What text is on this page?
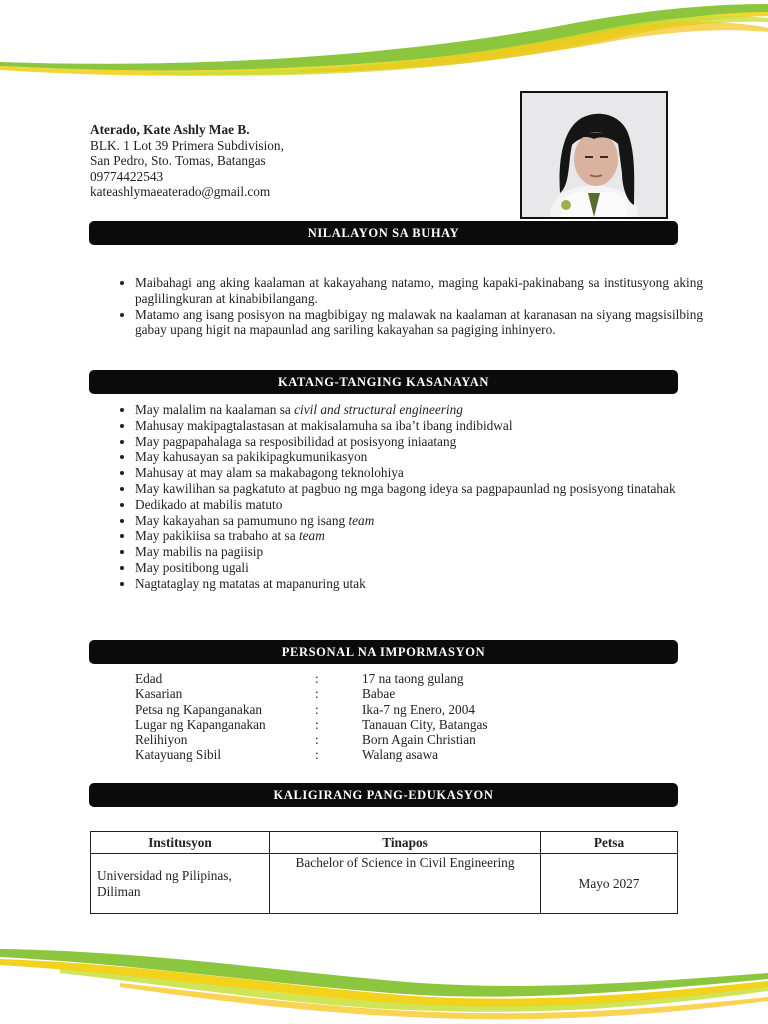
Aterado, Kate Ashly Mae B.
BLK. 1 Lot 39 Primera Subdivision,
San Pedro, Sto. Tomas, Batangas
09774422543
kateashlymaeaterado@gmail.com
NILALAYON SA BUHAY
• Maibahagi ang aking kaalaman at kakayahang natamo, maging kapaki-pakinabang sa institusyong aking paglilingkuran at kinabibilangang.
• Matamo ang isang posisyon na magbibigay ng malawak na kaalaman at karanasan na siyang magsisilbing gabay upang higit na mapaunlad ang sariling kakayahan sa pagiging inhinyero.
KATANG-TANGING KASANAYAN
• May malalim na kaalaman sa civil and structural engineering
• Mahusay makipagtalastasan at makisalamuha sa iba’t ibang indibidwal
• May pagpapahalaga sa resposibilidad at posisyong iniaatang
• May kahusayan sa pakikipagkumunikasyon
• Mahusay at may alam sa makabagong teknolohiya
• May kawilihan sa pagkatuto at pagbuo ng mga bagong ideya sa pagpapaunlad ng posisyong tinatahak
• Dedikado at mabilis matuto
• May kakayahan sa pamumuno ng isang team
• May pakikiisa sa trabaho at sa team
• May mabilis na pagiisip
• May positibong ugali
• Nagtataglay ng matatas at mapanuring utak
PERSONAL NA IMPORMASYON
Edad	:	17 na taong gulang
Kasarian	:	Babae
Petsa ng Kapanganakan	:	Ika-7 ng Enero, 2004
Lugar ng Kapanganakan	:	Tanauan City, Batangas
Relihiyon	:	Born Again Christian
Katayuang Sibil	:	Walang asawa
KALIGIRANG PANG-EDUKASYON
Institusyon	Tinapos	Petsa
Universidad ng Pilipinas, Diliman	Bachelor of Science in Civil Engineering	Mayo 2027
